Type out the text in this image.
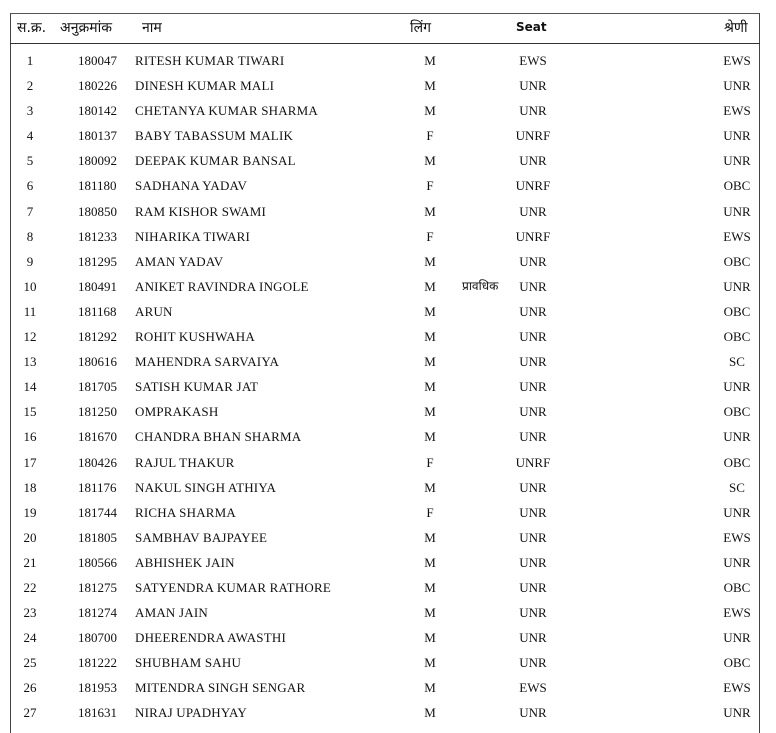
स.क्र. अनुक्रमांक नाम	लिंग	Seat	श्रेणी
1	180047 RITESH KUMAR TIWARI	M	EWS	EWS
2	180226 DINESH KUMAR MALI	M	UNR	UNR
3	180142 CHETANYA KUMAR SHARMA	M	UNR	EWS
4	180137 BABY TABASSUM MALIK	F	UNRF	UNR
5	180092 DEEPAK KUMAR BANSAL	M	UNR	UNR
6	181180 SADHANA YADAV	F	UNRF	OBC
7	180850 RAM KISHOR SWAMI	M	UNR	UNR
8	181233 NIHARIKA TIWARI	F	UNRF	EWS
9	181295 AMAN YADAV	M	UNR	OBC
10	180491 ANIKET RAVINDRA INGOLE	M	प्रावधिक	UNR	UNR
11	181168 ARUN	M	UNR	OBC
12	181292 ROHIT KUSHWAHA	M	UNR	OBC
13	180616 MAHENDRA SARVAIYA	M	UNR	SC
14	181705 SATISH KUMAR JAT	M	UNR	UNR
15	181250 OMPRAKASH	M	UNR	OBC
16	181670 CHANDRA BHAN SHARMA	M	UNR	UNR
17	180426 RAJUL THAKUR	F	UNRF	OBC
18	181176 NAKUL SINGH ATHIYA	M	UNR	SC
19	181744 RICHA SHARMA	F	UNR	UNR
20	181805 SAMBHAV BAJPAYEE	M	UNR	EWS
21	180566 ABHISHEK JAIN	M	UNR	UNR
22	181275 SATYENDRA KUMAR RATHORE	M	UNR	OBC
23	181274 AMAN JAIN	M	UNR	EWS
24	180700 DHEERENDRA AWASTHI	M	UNR	UNR
25	181222 SHUBHAM SAHU	M	UNR	OBC
26	181953 MITENDRA SINGH SENGAR	M	EWS	EWS
27	181631 NIRAJ UPADHYAY	M	UNR	UNR
